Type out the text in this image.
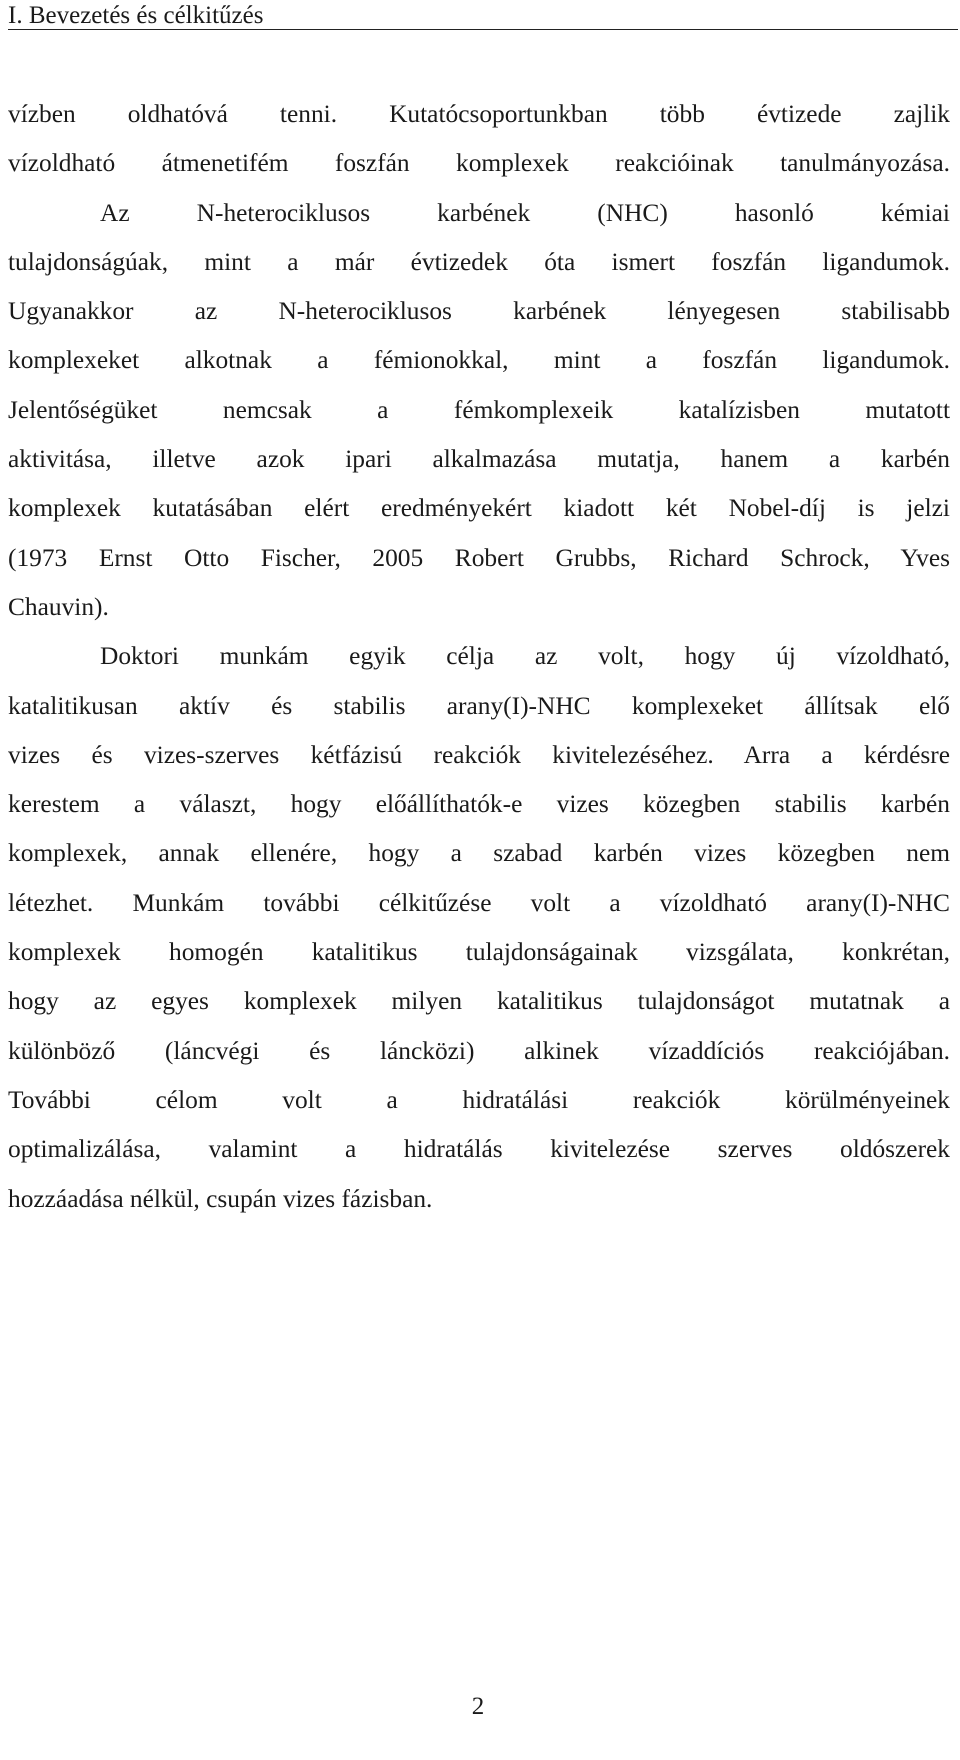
I. Bevezetés és célkitűzés
vízben oldhatóvá tenni. Kutatócsoportunkban több évtizede zajlik
vízoldható átmenetifém foszfán komplexek reakcióinak tanulmányozása.
Az N-heterociklusos karbének (NHC) hasonló kémiai
tulajdonságúak, mint a már évtizedek óta ismert foszfán ligandumok.
Ugyanakkor az N-heterociklusos karbének lényegesen stabilisabb
komplexeket alkotnak a fémionokkal, mint a foszfán ligandumok.
Jelentőségüket nemcsak a fémkomplexeik katalízisben mutatott
aktivitása, illetve azok ipari alkalmazása mutatja, hanem a karbén
komplexek kutatásában elért eredményekért kiadott két Nobel-díj is jelzi
(1973 Ernst Otto Fischer, 2005 Robert Grubbs, Richard Schrock, Yves
Chauvin).
Doktori munkám egyik célja az volt, hogy új vízoldható,
katalitikusan aktív és stabilis arany(I)-NHC komplexeket állítsak elő
vizes és vizes-szerves kétfázisú reakciók kivitelezéséhez. Arra a kérdésre
kerestem a választ, hogy előállíthatók-e vizes közegben stabilis karbén
komplexek, annak ellenére, hogy a szabad karbén vizes közegben nem
létezhet. Munkám további célkitűzése volt a vízoldható arany(I)-NHC
komplexek homogén katalitikus tulajdonságainak vizsgálata, konkrétan,
hogy az egyes komplexek milyen katalitikus tulajdonságot mutatnak a
különböző (láncvégi és láncközi) alkinek vízaddíciós reakciójában.
További célom volt a hidratálási reakciók körülményeinek
optimalizálása, valamint a hidratálás kivitelezése szerves oldószerek
hozzáadása nélkül, csupán vizes fázisban.
2
